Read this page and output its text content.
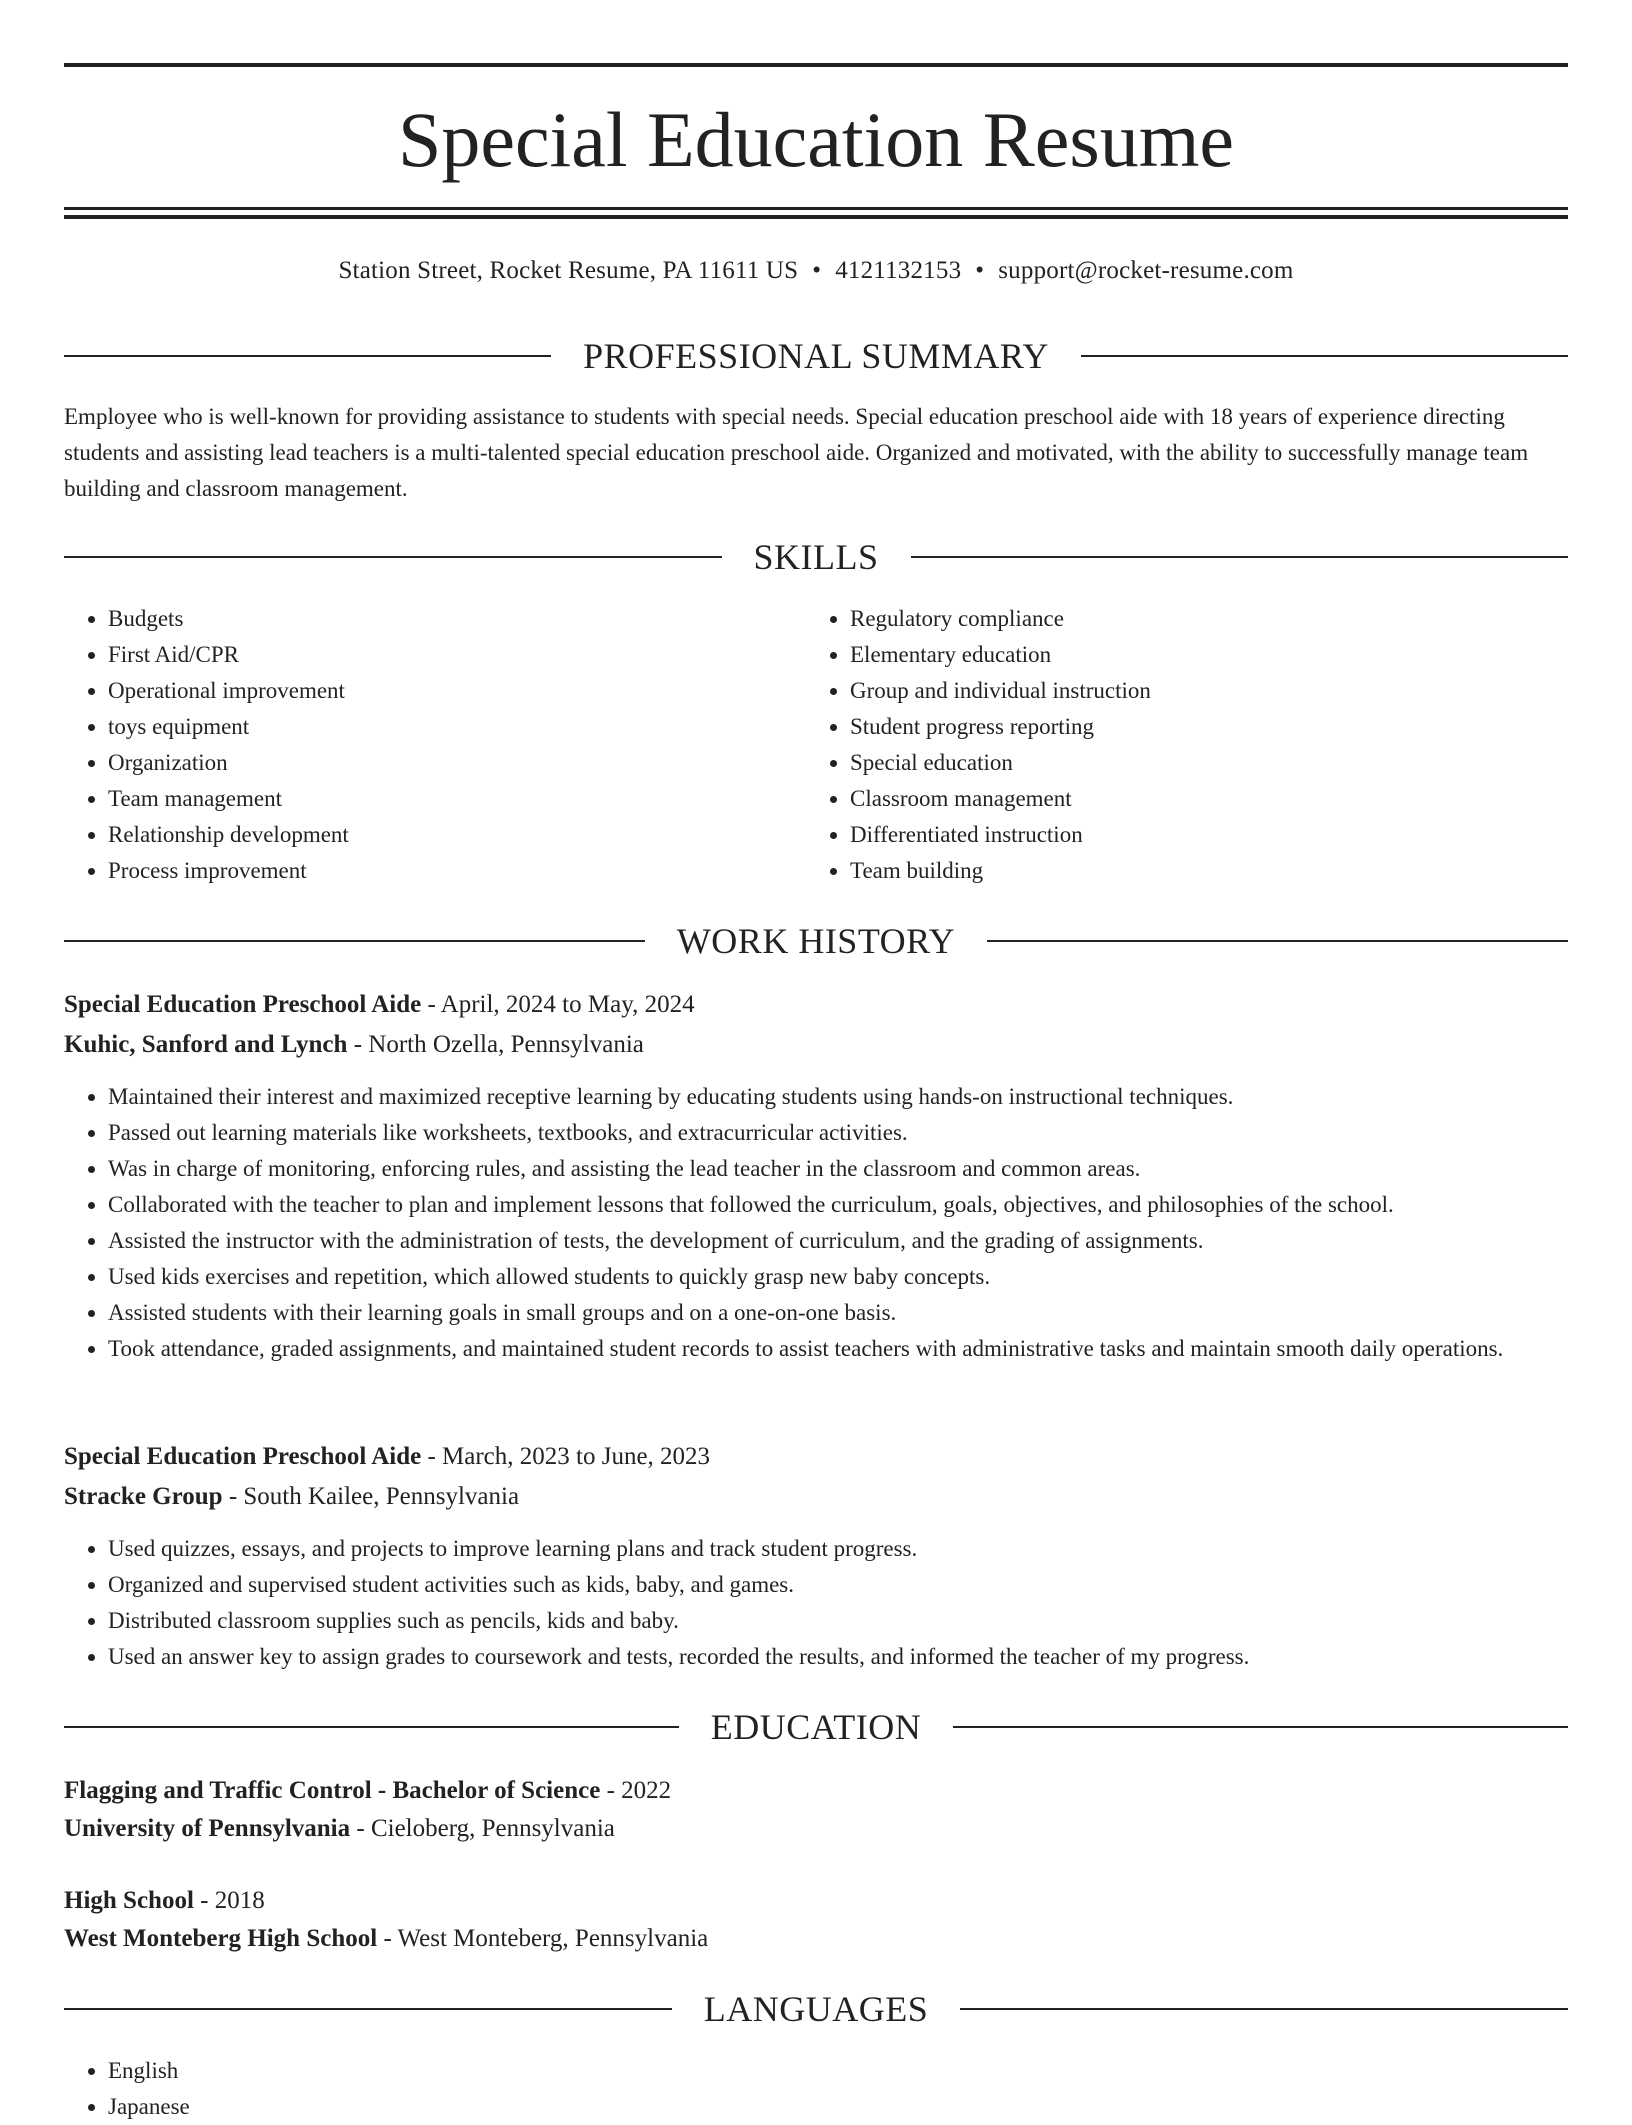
Special Education Resume
Station Street, Rocket Resume, PA 11611 US • 4121132153 • support@rocket-resume.com
PROFESSIONAL SUMMARY

Employee who is well-known for providing assistance to students with special needs. Special education preschool aide with 18 years of experience directing students and assisting lead teachers is a multi-talented special education preschool aide. Organized and motivated, with the ability to successfully manage team building and classroom management.

SKILLS
• Budgets
• First Aid/CPR
• Operational improvement
• toys equipment
• Organization
• Team management
• Relationship development
• Process improvement
• Regulatory compliance
• Elementary education
• Group and individual instruction
• Student progress reporting
• Special education
• Classroom management
• Differentiated instruction
• Team building
WORK HISTORY

Special Education Preschool Aide - April, 2024 to May, 2024

Kuhic, Sanford and Lynch - North Ozella, Pennsylvania

• Maintained their interest and maximized receptive learning by educating students using hands-on instructional techniques.
• Passed out learning materials like worksheets, textbooks, and extracurricular activities.
• Was in charge of monitoring, enforcing rules, and assisting the lead teacher in the classroom and common areas.
• Collaborated with the teacher to plan and implement lessons that followed the curriculum, goals, objectives, and philosophies of the school.
• Assisted the instructor with the administration of tests, the development of curriculum, and the grading of assignments.
• Used kids exercises and repetition, which allowed students to quickly grasp new baby concepts.
• Assisted students with their learning goals in small groups and on a one-on-one basis.
• Took attendance, graded assignments, and maintained student records to assist teachers with administrative tasks and maintain smooth daily operations.

Special Education Preschool Aide - March, 2023 to June, 2023

Stracke Group - South Kailee, Pennsylvania

• Used quizzes, essays, and projects to improve learning plans and track student progress.
• Organized and supervised student activities such as kids, baby, and games.
• Distributed classroom supplies such as pencils, kids and baby.
• Used an answer key to assign grades to coursework and tests, recorded the results, and informed the teacher of my progress.
EDUCATION

Flagging and Traffic Control - Bachelor of Science - 2022

University of Pennsylvania - Cieloberg, Pennsylvania

High School - 2018

West Monteberg High School - West Monteberg, Pennsylvania

LANGUAGES
• English
• Japanese
